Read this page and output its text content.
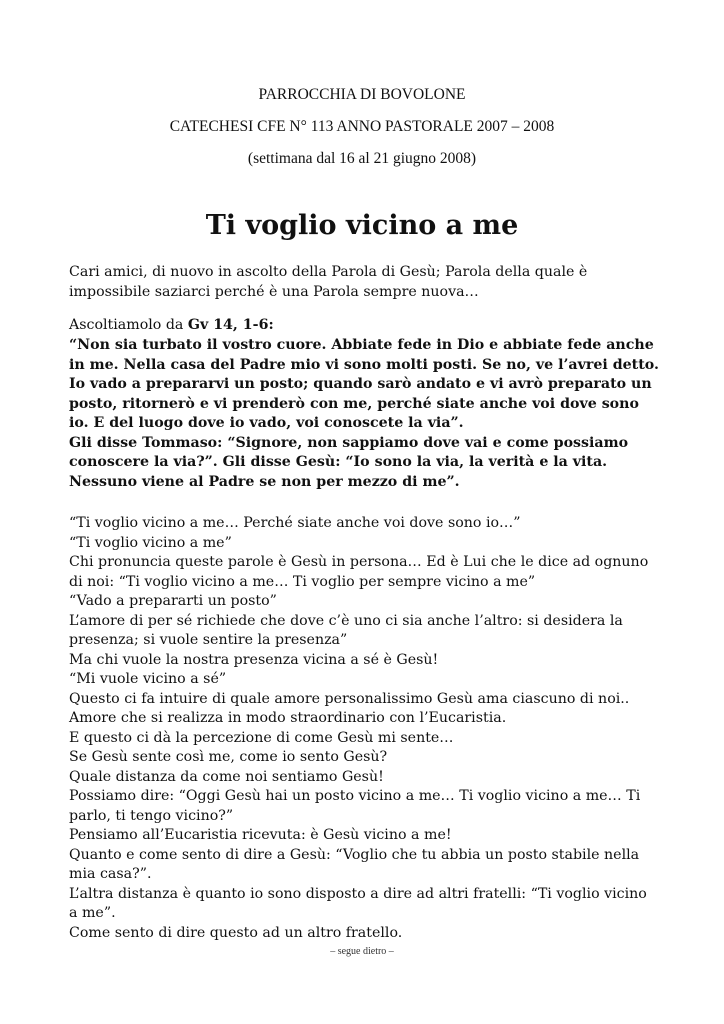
PARROCCHIA DI BOVOLONE
CATECHESI CFE N° 113 ANNO PASTORALE 2007 – 2008
(settimana dal 16 al 21 giugno 2008)
Ti voglio vicino a me
Cari amici, di nuovo in ascolto della Parola di Gesù; Parola della quale è impossibile saziarci perché è una Parola sempre nuova…
Ascoltiamolo da Gv 14, 1-6:

“Non sia turbato il vostro cuore. Abbiate fede in Dio e abbiate fede anche in me. Nella casa del Padre mio vi sono molti posti. Se no, ve l’avrei detto. Io vado a prepararvi un posto; quando sarò andato e vi avrò preparato un posto, ritornerò e vi prenderò con me, perché siate anche voi dove sono io. E del luogo dove io vado, voi conoscete la via”.

Gli disse Tommaso: “Signore, non sappiamo dove vai e come possiamo conoscere la via?”. Gli disse Gesù: “Io sono la via, la verità e la vita. Nessuno viene al Padre se non per mezzo di me”.

“Ti voglio vicino a me… Perché siate anche voi dove sono io…”
“Ti voglio vicino a me”
Chi pronuncia queste parole è Gesù in persona… Ed è Lui che le dice ad ognuno di noi: “Ti voglio vicino a me… Ti voglio per sempre vicino a me”
“Vado a prepararti un posto”
L’amore di per sé richiede che dove c’è uno ci sia anche l’altro: si desidera la presenza; si vuole sentire la presenza”
Ma chi vuole la nostra presenza vicina a sé è Gesù!
“Mi vuole vicino a sé”
Questo ci fa intuire di quale amore personalissimo Gesù ama ciascuno di noi..
Amore che si realizza in modo straordinario con l’Eucaristia.
E questo ci dà la percezione di come Gesù mi sente…
Se Gesù sente così me, come io sento Gesù?
Quale distanza da come noi sentiamo Gesù!
Possiamo dire: “Oggi Gesù hai un posto vicino a me… Ti voglio vicino a me… Ti parlo, ti tengo vicino?”
Pensiamo all’Eucaristia ricevuta: è Gesù vicino a me!
Quanto e come sento di dire a Gesù: “Voglio che tu abbia un posto stabile nella mia casa?”.
L’altra distanza è quanto io sono disposto a dire ad altri fratelli: “Ti voglio vicino a me”.
Come sento di dire questo ad un altro fratello.
– segue dietro –
